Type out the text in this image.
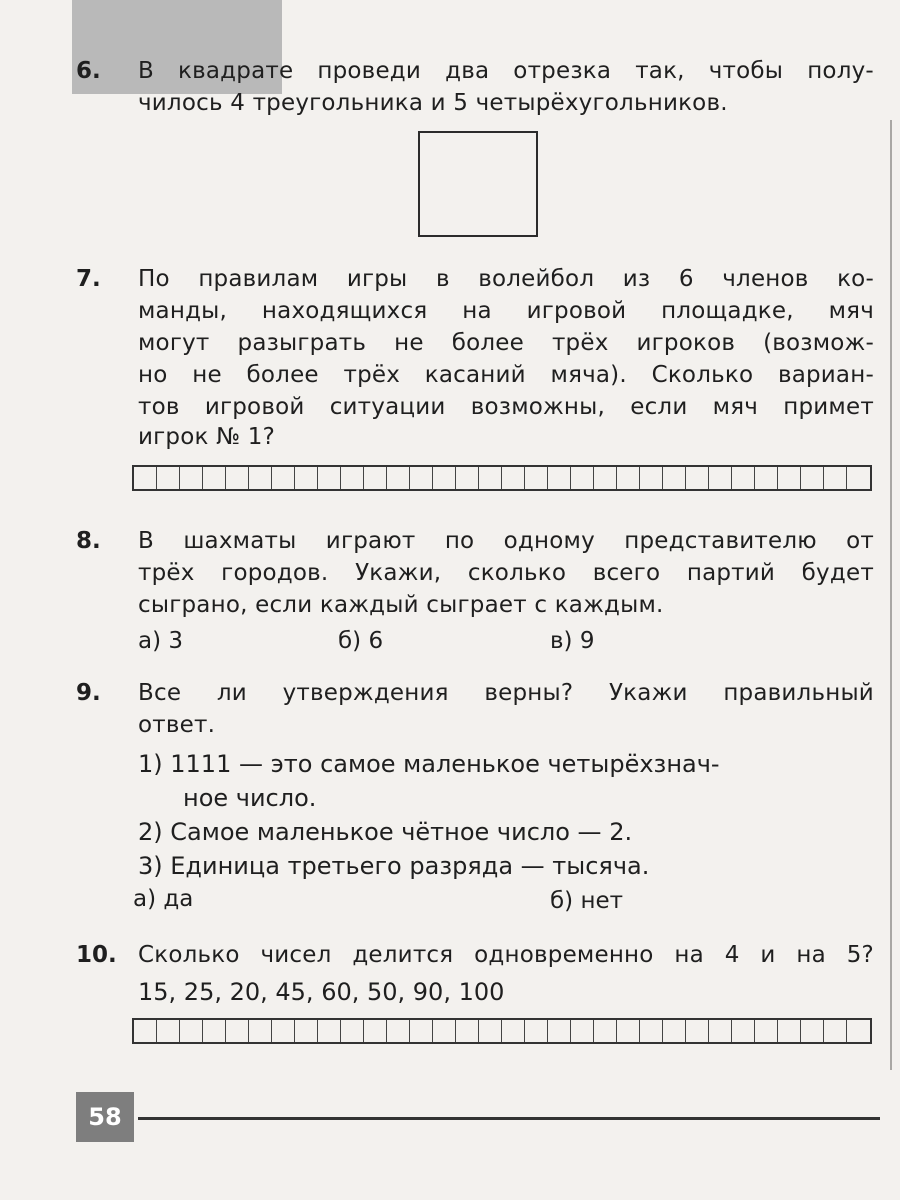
6. В квадрате проведи два отрезка так, чтобы полу-
чилось 4 треугольника и 5 четырёхугольников.
7. По правилам игры в волейбол из 6 членов ко-
манды, находящихся на игровой площадке, мяч
могут разыграть не более трёх игроков (возмож-
но не более трёх касаний мяча). Сколько вариан-
тов игровой ситуации возможны, если мяч примет
игрок № 1?
8. В шахматы играют по одному представителю от
трёх городов. Укажи, сколько всего партий будет
сыграно, если каждый сыграет с каждым.
а) 3	б) 6	в) 9
9. Все ли утверждения верны? Укажи правильный
ответ.
1) 1111 — это самое маленькое четырёхзнач-
ное число.
2) Самое маленькое чётное число — 2.
3) Единица третьего разряда — тысяча.
а) да	б) нет
10. Сколько чисел делится одновременно на 4 и на 5?
15, 25, 20, 45, 60, 50, 90, 100
58
